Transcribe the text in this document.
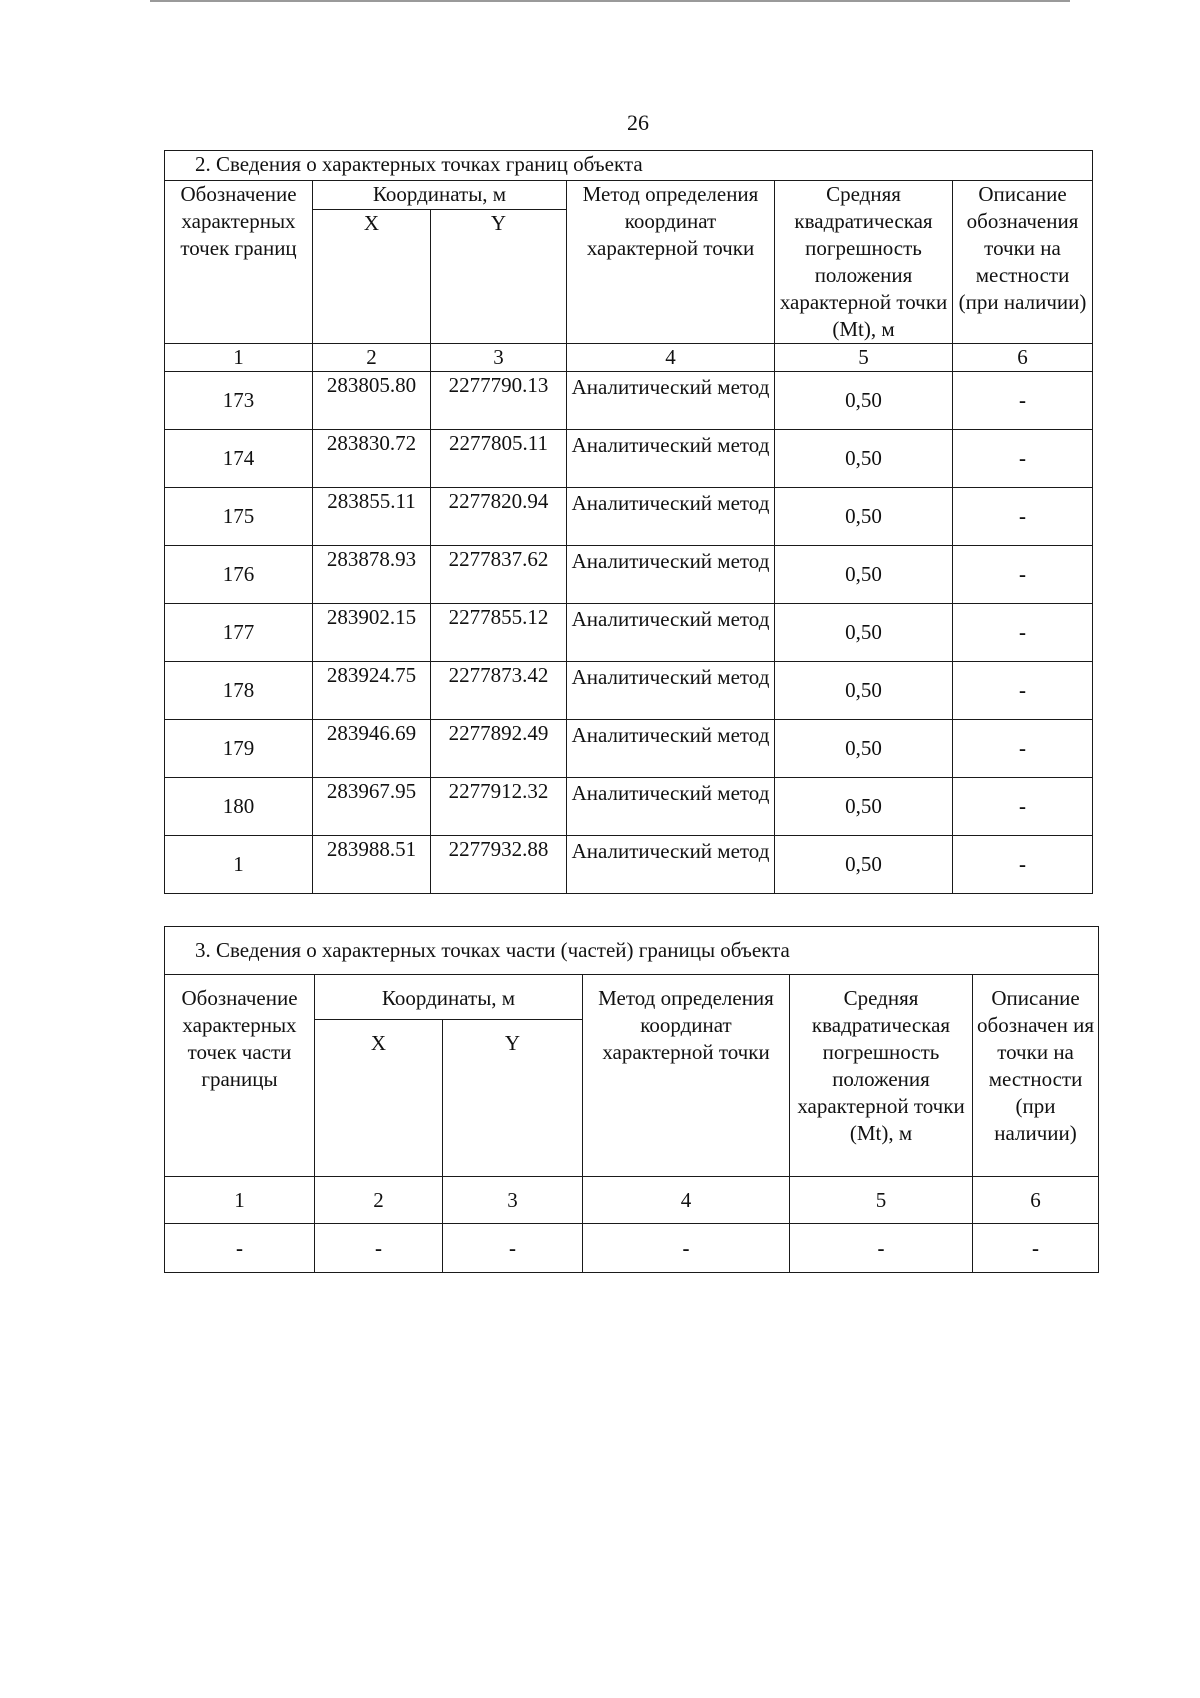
26
2. Сведения о характерных точках границ объекта					
Обозначение характерных точек границ	Координаты, м		Метод определения координат характерной точки	Средняя квадратическая погрешность положения характерной точки (Mt), м	Описание обозначения точки на местности (при наличии)
	X	Y			
1	2	3	4	5	6
173	283805.80	2277790.13	Аналитический метод	0,50	-
174	283830.72	2277805.11	Аналитический метод	0,50	-
175	283855.11	2277820.94	Аналитический метод	0,50	-
176	283878.93	2277837.62	Аналитический метод	0,50	-
177	283902.15	2277855.12	Аналитический метод	0,50	-
178	283924.75	2277873.42	Аналитический метод	0,50	-
179	283946.69	2277892.49	Аналитический метод	0,50	-
180	283967.95	2277912.32	Аналитический метод	0,50	-
1	283988.51	2277932.88	Аналитический метод	0,50	-
3. Сведения о характерных точках части (частей) границы объекта					
Обозначение характерных точек части границы	Координаты, м		Метод определения координат характерной точки	Средняя квадратическая погрешность положения характерной точки (Mt), м	Описание обозначен ия точки на местности (при наличии)
	X	Y			
1	2	3	4	5	6
-	-	-	-	-	-
